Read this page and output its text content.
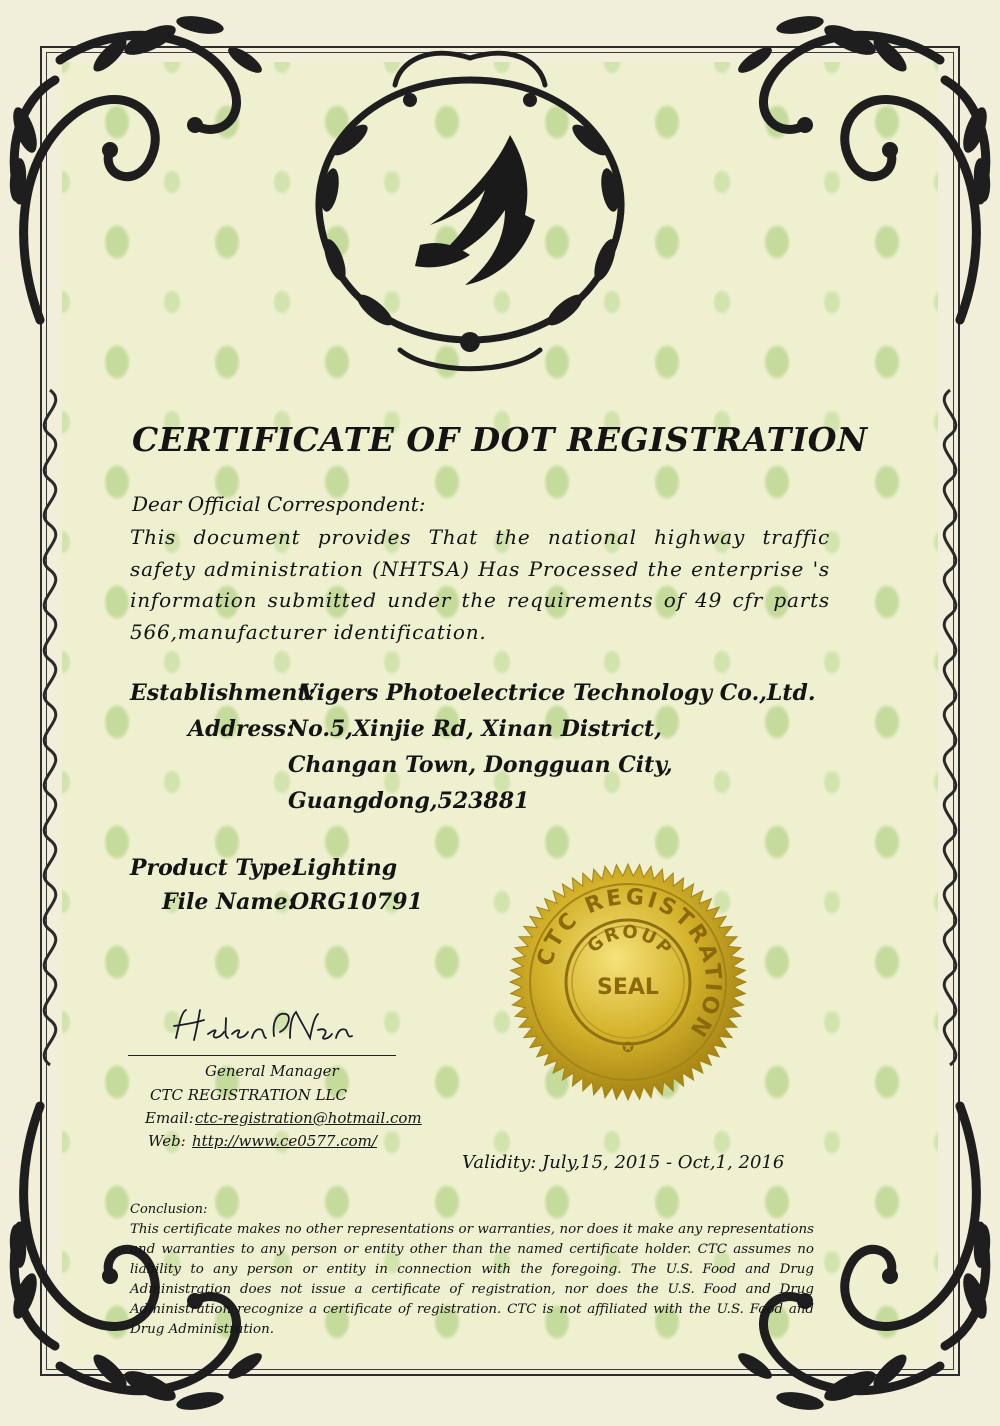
CERTIFICATE OF DOT REGISTRATION
Dear Official Correspondent:
This document provides That the national highway traffic safety administration (NHTSA) Has Processed the enterprise 's information submitted under the requirements of 49 cfr parts 566,manufacturer identification.
Establishment:
Vigers Photoelectrice Technology Co.,Ltd.
Address:
No.5,Xinjie Rd, Xinan District,
Changan Town, Dongguan City,
Guangdong,523881
Product Type:
Lighting
File Name:
ORG10791
General Manager
CTC REGISTRATION LLC
Email: ctc-registration@hotmail.com
Web: http://www.ce0577.com/
Validity: July,15, 2015 - Oct,1, 2016
CTC REGISTRATION
GROUP
SEAL
✪
Conclusion:
This certificate makes no other representations or warranties, nor does it make any representations and warranties to any person or entity other than the named certificate holder. CTC assumes no liability to any person or entity in connection with the foregoing. The U.S. Food and Drug Administration does not issue a certificate of registration, nor does the U.S. Food and Drug Administration recognize a certificate of registration. CTC is not affiliated with the U.S. Food and Drug Administration.
